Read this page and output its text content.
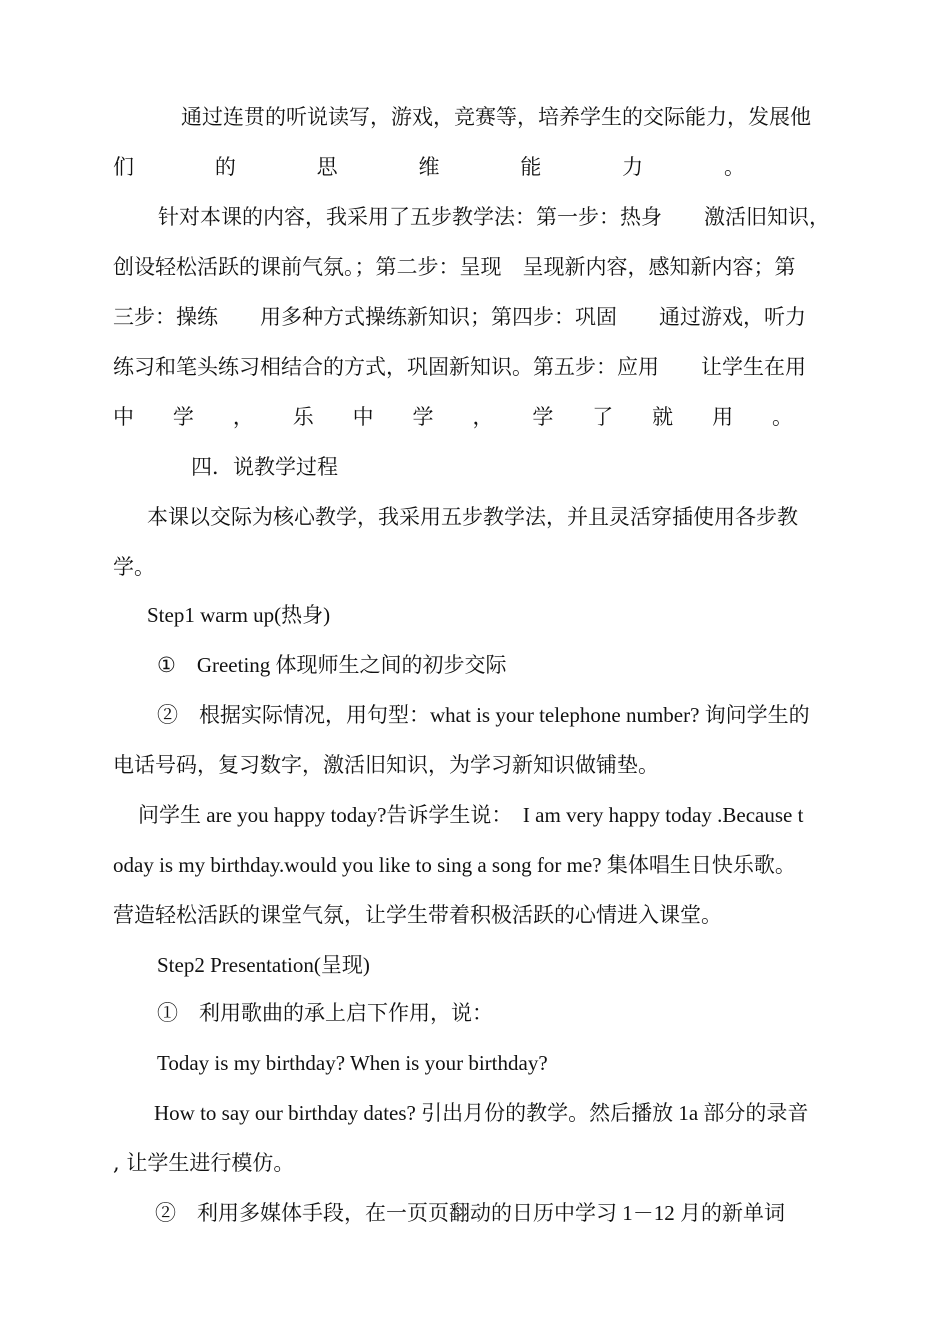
通过连贯的听说读写，游戏，竞赛等，培养学生的交际能力，发展他
们	的	思	维	能	力	。
针对本课的内容，我采用了五步教学法：第一步：热身　　激活旧知识，
创设轻松活跃的课前气氛。；第二步：呈现　呈现新内容，感知新内容；第
三步：操练　　用多种方式操练新知识；第四步：巩固　　通过游戏，听力
练习和笔头练习相结合的方式，巩固新知识。第五步：应用　　让学生在用
中 学 ， 乐 中 学 ， 学 了 就 用 。
四．说教学过程
本课以交际为核心教学，我采用五步教学法，并且灵活穿插使用各步教
学。
Step1 warm up(热身)
①　Greeting 体现师生之间的初步交际
②　根据实际情况，用句型：what is your telephone number? 询问学生的
电话号码，复习数字，激活旧知识，为学习新知识做铺垫。
问学生 are you happy today?告诉学生说：　I am very happy today .Because t
oday is my birthday.would you like to sing a song for me? 集体唱生日快乐歌。
营造轻松活跃的课堂气氛，让学生带着积极活跃的心情进入课堂。
Step2 Presentation(呈现)
①　利用歌曲的承上启下作用，说：
Today is my birthday? When is your birthday?
How to say our birthday dates? 引出月份的教学。然后播放 1a 部分的录音
, 让学生进行模仿。
②　利用多媒体手段，在一页页翻动的日历中学习 1－12 月的新单词
